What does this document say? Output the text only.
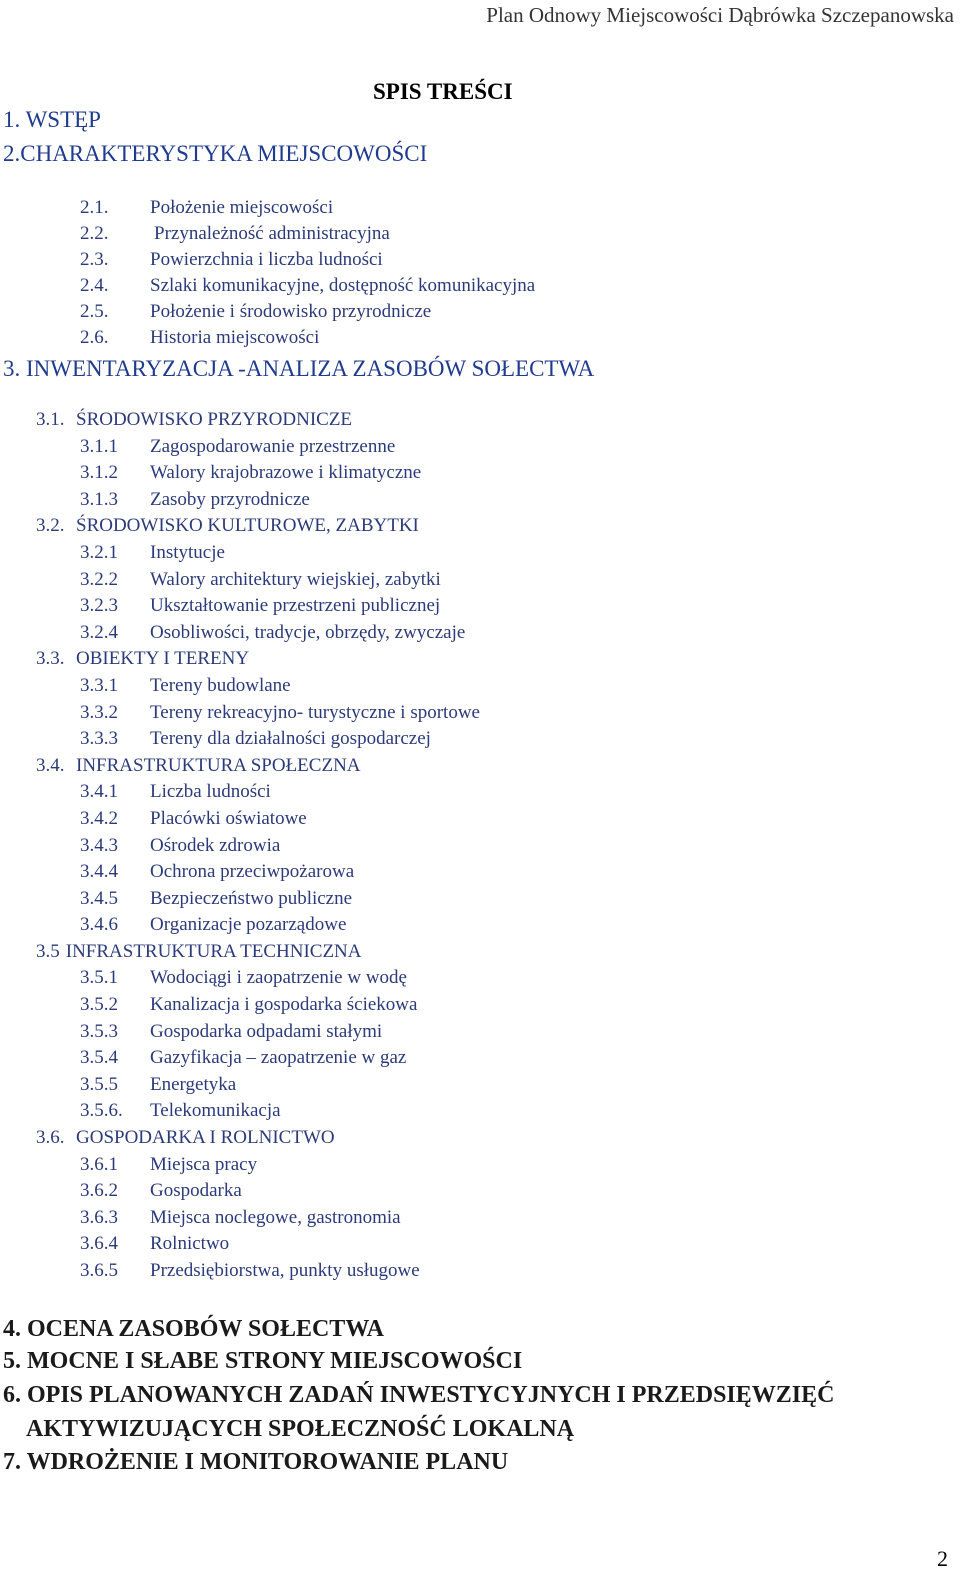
Plan Odnowy Miejscowości Dąbrówka Szczepanowska
SPIS TREŚCI
1. WSTĘP
2.CHARAKTERYSTYKA MIEJSCOWOŚCI
2.1. Położenie miejscowości
2.2. Przynależność administracyjna
2.3. Powierzchnia i liczba ludności
2.4. Szlaki komunikacyjne, dostępność komunikacyjna
2.5. Położenie i środowisko przyrodnicze
2.6. Historia miejscowości
3. INWENTARYZACJA -ANALIZA ZASOBÓW SOŁECTWA
3.1. ŚRODOWISKO PRZYRODNICZE
3.1.1 Zagospodarowanie przestrzenne
3.1.2 Walory krajobrazowe i klimatyczne
3.1.3 Zasoby przyrodnicze
3.2. ŚRODOWISKO KULTUROWE, ZABYTKI
3.2.1 Instytucje
3.2.2 Walory architektury wiejskiej, zabytki
3.2.3 Ukształtowanie przestrzeni publicznej
3.2.4 Osobliwości, tradycje, obrzędy, zwyczaje
3.3. OBIEKTY I TERENY
3.3.1 Tereny budowlane
3.3.2 Tereny rekreacyjno- turystyczne i sportowe
3.3.3 Tereny dla działalności gospodarczej
3.4. INFRASTRUKTURA SPOŁECZNA
3.4.1 Liczba ludności
3.4.2 Placówki oświatowe
3.4.3 Ośrodek zdrowia
3.4.4 Ochrona przeciwpożarowa
3.4.5 Bezpieczeństwo publiczne
3.4.6 Organizacje pozarządowe
3.5 INFRASTRUKTURA TECHNICZNA
3.5.1 Wodociągi i zaopatrzenie w wodę
3.5.2 Kanalizacja i gospodarka ściekowa
3.5.3 Gospodarka odpadami stałymi
3.5.4 Gazyfikacja – zaopatrzenie w gaz
3.5.5 Energetyka
3.5.6. Telekomunikacja
3.6. GOSPODARKA I ROLNICTWO
3.6.1 Miejsca pracy
3.6.2 Gospodarka
3.6.3 Miejsca noclegowe, gastronomia
3.6.4 Rolnictwo
3.6.5 Przedsiębiorstwa, punkty usługowe
4. OCENA ZASOBÓW SOŁECTWA
5. MOCNE I SŁABE STRONY MIEJSCOWOŚCI
6. OPIS PLANOWANYCH ZADAŃ INWESTYCYJNYCH I PRZEDSIĘWZIĘĆ
AKTYWIZUJĄCYCH SPOŁECZNOŚĆ LOKALNĄ
7. WDROŻENIE I MONITOROWANIE PLANU
2
